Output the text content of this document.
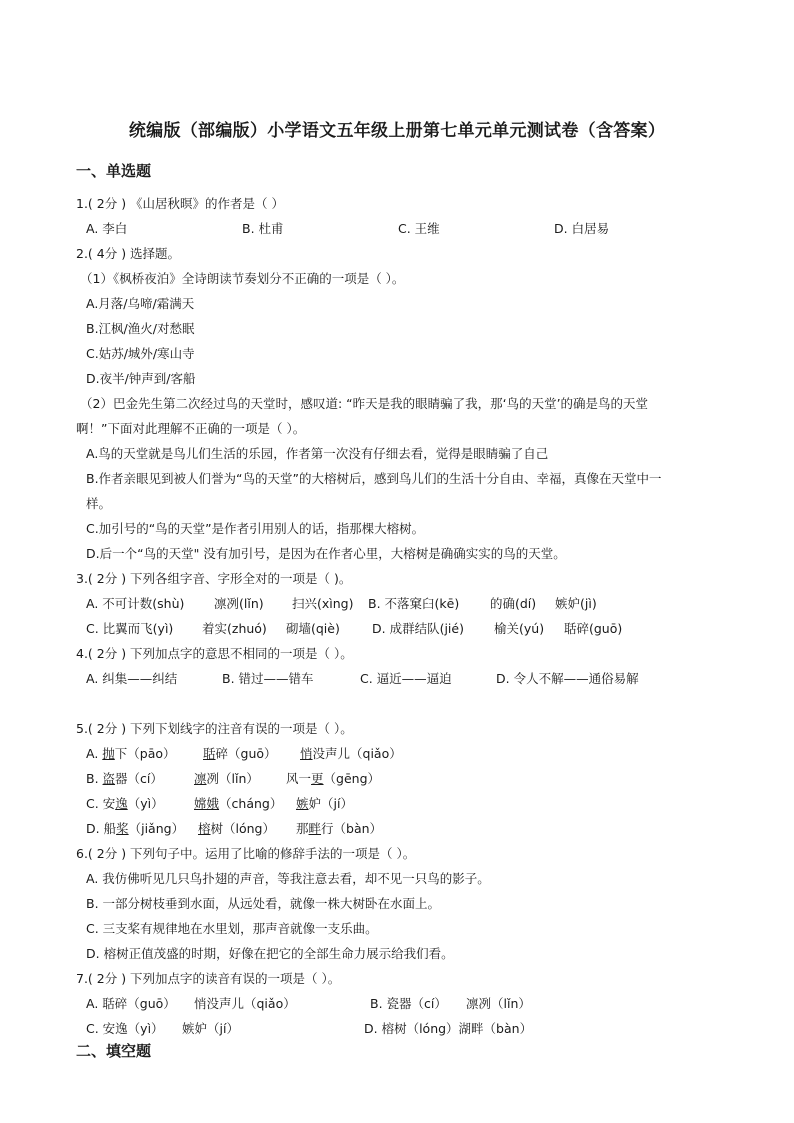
统编版（部编版）小学语文五年级上册第七单元单元测试卷（含答案）
一、单选题
1.( 2分 ) 《山居秋暝》的作者是（ ）
A. 李白	B. 杜甫	C. 王维	D. 白居易
2.( 4分 ) 选择题。
（1）《枫桥夜泊》全诗朗读节奏划分不正确的一项是（ ）。
A.月落/乌啼/霜满天
B.江枫/渔火/对愁眠
C.姑苏/城外/寒山寺
D.夜半/钟声到/客船
（2）巴金先生第二次经过鸟的天堂时，感叹道: “昨天是我的眼睛骗了我，那‘鸟的天堂’的确是鸟的天堂
啊！”下面对此理解不正确的一项是（ ）。
A.鸟的天堂就是鸟儿们生活的乐园，作者第一次没有仔细去看，觉得是眼睛骗了自己
B.作者亲眼见到被人们誉为“鸟的天堂”的大榕树后，感到鸟儿们的生活十分自由、幸福，真像在天堂中一
样。
C.加引号的“鸟的天堂”是作者引用别人的话，指那棵大榕树。
D.后一个“鸟的天堂" 没有加引号，是因为在作者心里，大榕树是确确实实的鸟的天堂。
3.( 2分 ) 下列各组字音、字形全对的一项是（ )。
A. 不可计数(shù) 凛冽(lǐn) 扫兴(xìng) B. 不落窠臼(kē) 的确(dí) 嫉妒(jì)
C. 比翼而飞(yì) 着实(zhuó) 砌墙(qiè)	D. 成群结队(jié) 榆关(yú) 聒碎(guō)
4.( 2分 ) 下列加点字的意思不相同的一项是（ ）。
A. 纠集——纠结	B. 错过——错车	C. 逼近——逼迫	D. 令人不解——通俗易解
5.( 2分 ) 下列下划线字的注音有误的一项是（ ）。
A. 抛下（pāo） 聒碎（guō） 悄没声儿（qiǎo）
B. 盗器（cí） 凛冽（lǐn） 风一更（gēng）
C. 安逸（yì） 嫦娥（cháng） 嫉妒（jí）
D. 船桨（jiǎng） 榕树（lóng） 那畔行（bàn）
6.( 2分 ) 下列句子中。运用了比喻的修辞手法的一项是（ ）。
A. 我仿佛听见几只鸟扑翅的声音，等我注意去看，却不见一只鸟的影子。
B. 一部分树枝垂到水面，从远处看，就像一株大树卧在水面上。
C. 三支桨有规律地在水里划，那声音就像一支乐曲。
D. 榕树正值茂盛的时期，好像在把它的全部生命力展示给我们看。
7.( 2分 ) 下列加点字的读音有误的一项是（ ）。
A. 聒碎（guō） 悄没声儿（qiǎo）	B. 瓷器（cí） 凛冽（lǐn）
C. 安逸（yì） 嫉妒（jí）	D. 榕树（lóng）湖畔（bàn）
二、填空题
